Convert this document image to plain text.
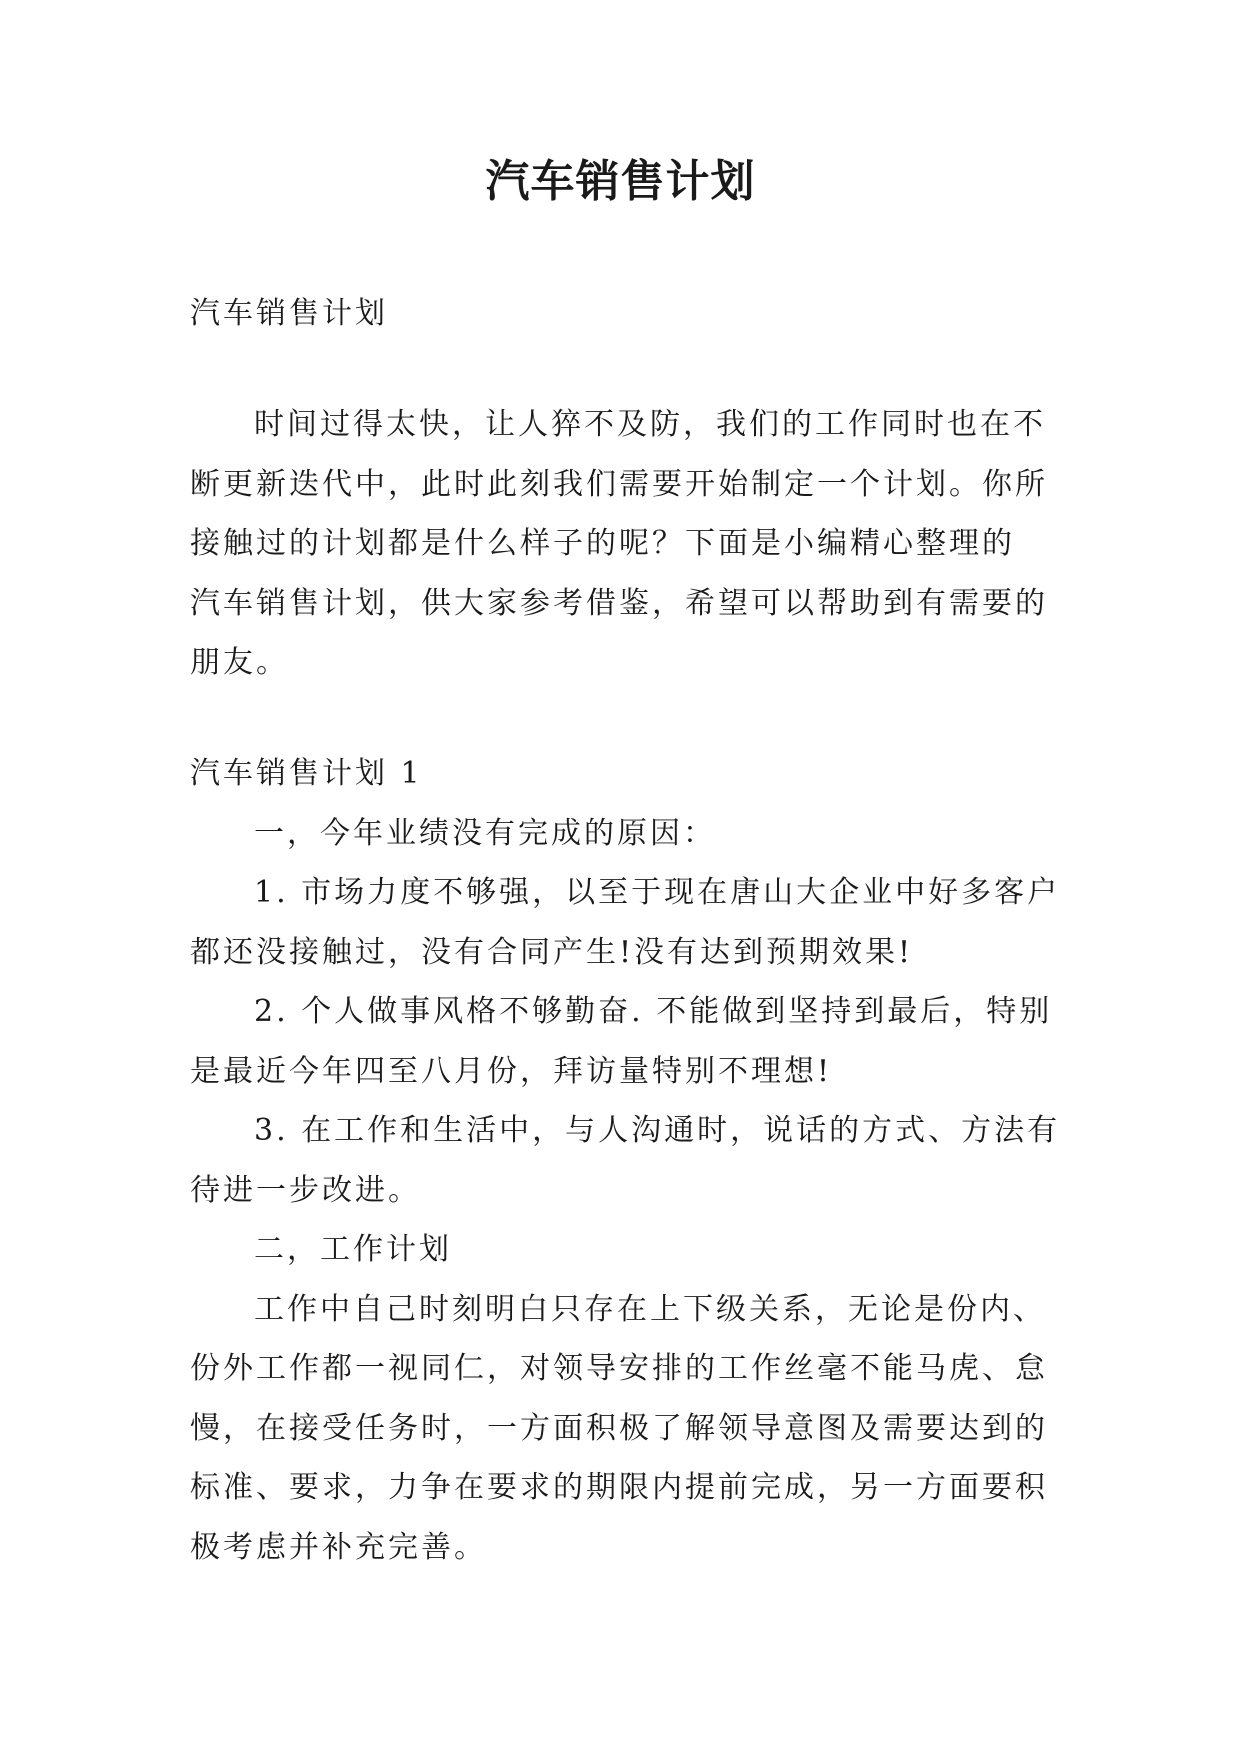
汽车销售计划
汽车销售计划
时间过得太快，让人猝不及防，我们的工作同时也在不
断更新迭代中，此时此刻我们需要开始制定一个计划。你所
接触过的计划都是什么样子的呢？下面是小编精心整理的
汽车销售计划，供大家参考借鉴，希望可以帮助到有需要的
朋友。
汽车销售计划 1
一，今年业绩没有完成的原因：
1. 市场力度不够强，以至于现在唐山大企业中好多客户
都还没接触过，没有合同产生!没有达到预期效果!
2. 个人做事风格不够勤奋. 不能做到坚持到最后，特别
是最近今年四至八月份，拜访量特别不理想!
3. 在工作和生活中，与人沟通时，说话的方式、方法有
待进一步改进。
二，工作计划
工作中自己时刻明白只存在上下级关系，无论是份内、
份外工作都一视同仁，对领导安排的工作丝毫不能马虎、怠
慢，在接受任务时，一方面积极了解领导意图及需要达到的
标准、要求，力争在要求的期限内提前完成，另一方面要积
极考虑并补充完善。
